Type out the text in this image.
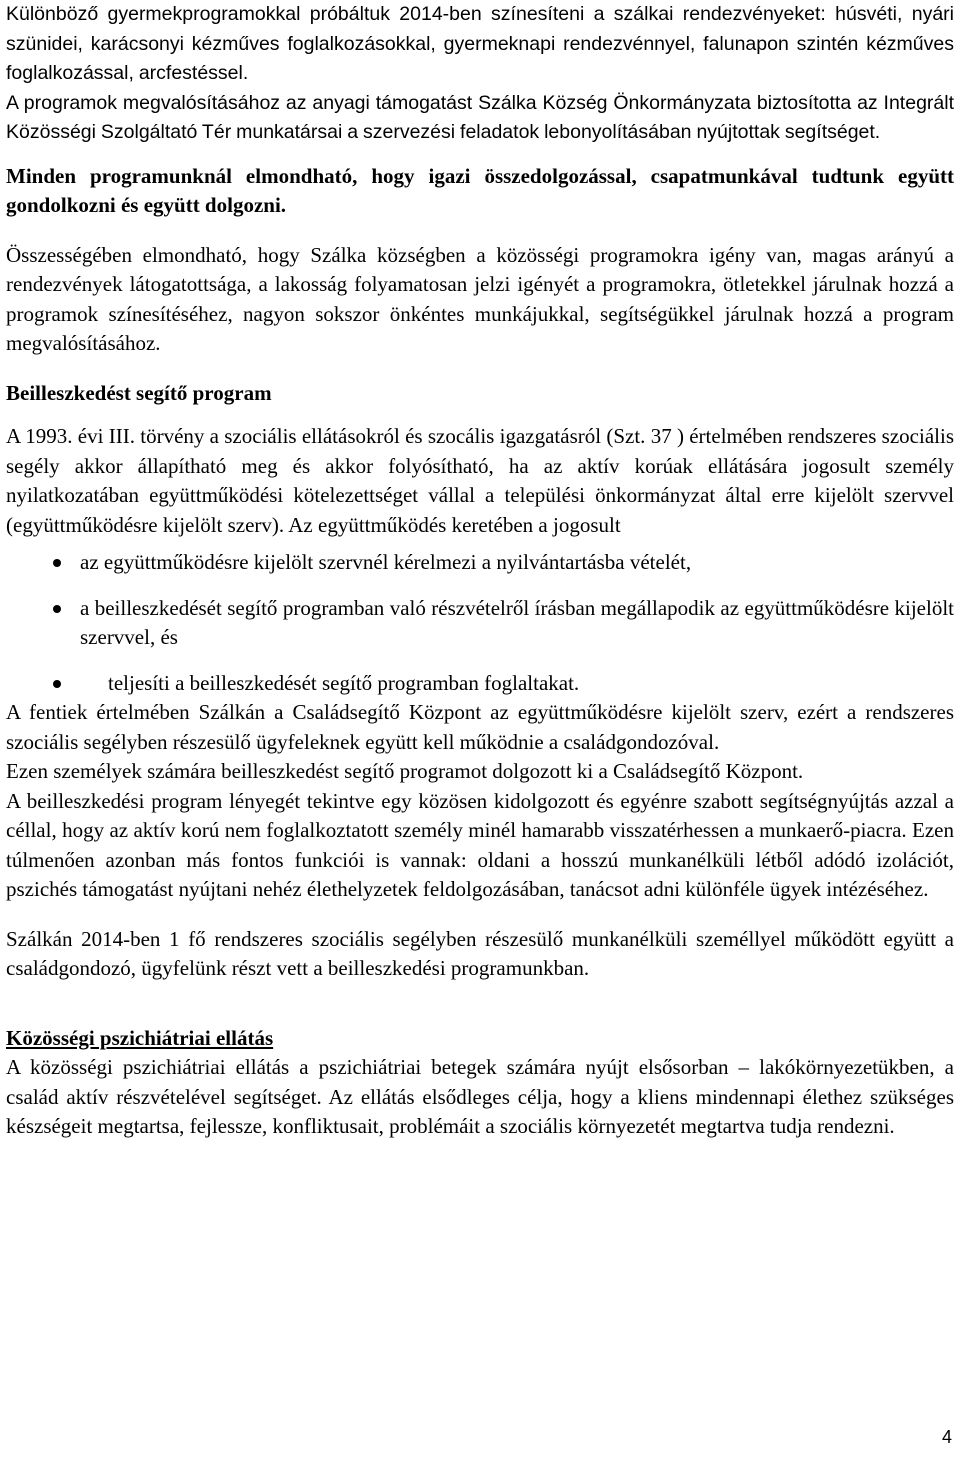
Különböző gyermekprogramokkal próbáltuk 2014-ben színesíteni a szálkai rendezvényeket: húsvéti, nyári szünidei, karácsonyi kézműves foglalkozásokkal, gyermeknapi rendezvénnyel, falunapon szintén kézműves foglalkozással, arcfestéssel.

A programok megvalósításához az anyagi támogatást Szálka Község Önkormányzata biztosította az Integrált Közösségi Szolgáltató Tér munkatársai a szervezési feladatok lebonyolításában nyújtottak segítséget.

Minden programunknál elmondható, hogy igazi összedolgozással, csapatmunkával tudtunk együtt gondolkozni és együtt dolgozni.

Összességében elmondható, hogy Szálka községben a közösségi programokra igény van, magas arányú a rendezvények látogatottsága, a lakosság folyamatosan jelzi igényét a programokra, ötletekkel járulnak hozzá a programok színesítéséhez, nagyon sokszor önkéntes munkájukkal, segítségükkel járulnak hozzá a program megvalósításához.

Beilleszkedést segítő program

A 1993. évi III. törvény a szociális ellátásokról és szocális igazgatásról (Szt. 37 ) értelmében rendszeres szociális segély akkor állapítható meg és akkor folyósítható, ha az aktív korúak ellátására jogosult személy nyilatkozatában együttműködési kötelezettséget vállal a települési önkormányzat által erre kijelölt szervvel (együttműködésre kijelölt szerv). Az együttműködés keretében a jogosult

az együttműködésre kijelölt szervnél kérelmezi a nyilvántartásba vételét,
a beilleszkedését segítő programban való részvételről írásban megállapodik az együttműködésre kijelölt szervvel, és
teljesíti a beilleszkedését segítő programban foglaltakat.

A fentiek értelmében Szálkán a Családsegítő Központ az együttműködésre kijelölt szerv, ezért a rendszeres szociális segélyben részesülő ügyfeleknek együtt kell működnie a családgondozóval.

Ezen személyek számára beilleszkedést segítő programot dolgozott ki a Családsegítő Központ.

A beilleszkedési program lényegét tekintve egy közösen kidolgozott és egyénre szabott segítségnyújtás azzal a céllal, hogy az aktív korú nem foglalkoztatott személy minél hamarabb visszatérhessen a munkaerő-piacra. Ezen túlmenően azonban más fontos funkciói is vannak: oldani a hosszú munkanélküli létből adódó izolációt, pszichés támogatást nyújtani nehéz élethelyzetek feldolgozásában, tanácsot adni különféle ügyek intézéséhez.

Szálkán 2014-ben 1 fő rendszeres szociális segélyben részesülő munkanélküli személlyel működött együtt a családgondozó, ügyfelünk részt vett a beilleszkedési programunkban.

Közösségi pszichiátriai ellátás

A közösségi pszichiátriai ellátás a pszichiátriai betegek számára nyújt elsősorban – lakókörnyezetükben, a család aktív részvételével segítséget. Az ellátás elsődleges célja, hogy a kliens mindennapi élethez szükséges készségeit megtartsa, fejlessze, konfliktusait, problémáit a szociális környezetét megtartva tudja rendezni.

4
